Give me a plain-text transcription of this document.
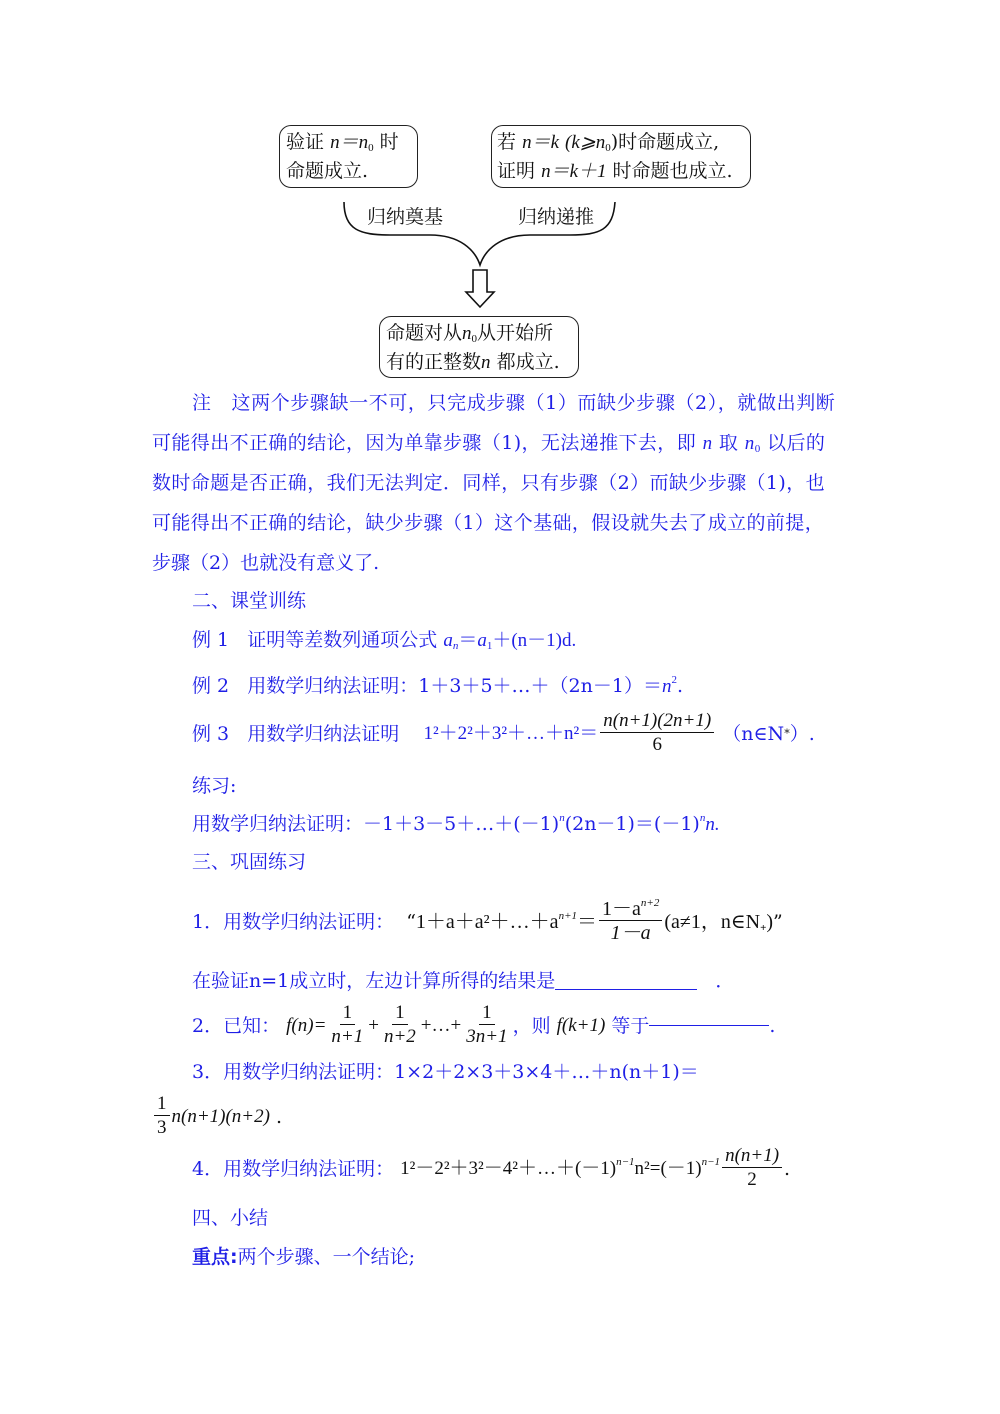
验证 $n=n_0$ 时
命题成立.
若 n＝k $(k⩾n_0)$时命题成立,
证明 n＝k＋1 时命题也成立.
归纳奠基	归纳递推
命题对从$n_0$从开始所
有的正整数n 都成立.
注 这两个步骤缺一不可，只完成步骤（1）而缺少步骤（2），就做出判断
可能得出不正确的结论，因为单靠步骤（1)，无法递推下去，即 n 取 $n_0$ 以后的
数时命题是否正确，我们无法判定．同样，只有步骤（2）而缺少步骤（1)，也
可能得出不正确的结论，缺少步骤（1）这个基础，假设就失去了成立的前提，
步骤（2）也就没有意义了.
二、课堂训练
例 1 证明等差数列通项公式 $a_n=a_1+(n-1)d$.
例 2 用数学归纳法证明：$1+3+5+\dots+(2n-1)=n^2$.
例 3
用数学归纳法证明
1²＋2²＋3²＋…＋n²＝ $\frac{n(n+1)(2n+1)}{6}$
（n∈N * ）.
练习:
用数学归纳法证明：$-1+3-5+\dots+(-1)^n(2n-1)=(-1)^nn$.
三、巩固练习
1． 用数学归纳法证明：
“ $1+a+a^2+\dots+a^{n+1}= \frac{1-a^{n+2}}{1-a} (a\ne 1$，$n\in N_+$) ”
在验证n=1成立时，左边计算所得的结果是	．
2． 已知：
$f(n)= \frac{1}{n+1} + \frac{1}{n+2}$ +…+ $\frac{1}{3n+1}$ ，则
f(k+1)
等于	.
3．用数学归纳法证明：1×2＋2×3＋3×4＋…＋n(n＋1)＝
$\frac{1}{3} n(n+1)(n+2)$
.
4． 用数学归纳法证明：
$1^2-2^2+3^2-4^2+\dots+(-1)^{n-1}n^2=(-1)^{n-1} \frac{n(n+1)}{2}$ .
四、小结
重点:两个步骤、一个结论;
